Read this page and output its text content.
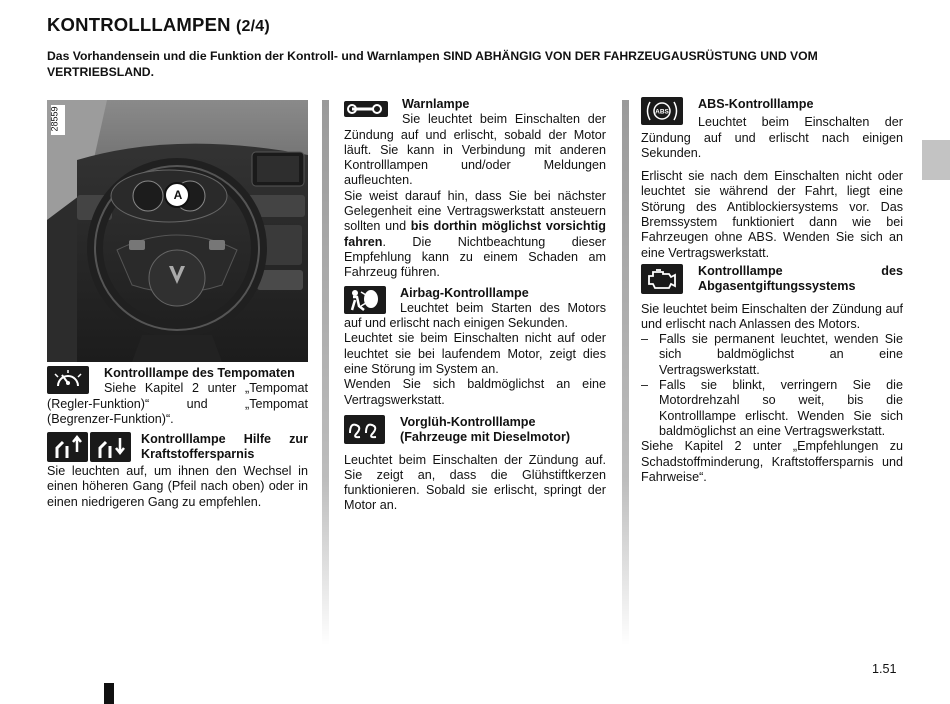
KONTROLLLAMPEN (2/4)
Das Vorhandensein und die Funktion der Kontroll- und Warnlampen SIND ABHÄNGIG VON DER FAHRZEUGAUSRÜSTUNG UND VOM VERTRIEBSLAND.
1.51
A
28559
Kontrolllampe des Tempomaten
Siehe Kapitel 2 unter „Tempomat (Regler-Funktion)“ und „Tempomat (Begrenzer-Funktion)“.
Kontrolllampe Hilfe zur Kraftstoffersparnis
Sie leuchten auf, um ihnen den Wechsel in einen höheren Gang (Pfeil nach oben) oder in einen niedrigeren Gang zu empfehlen.
Warnlampe
Sie leuchtet beim Einschalten der Zündung auf und erlischt, sobald der Motor läuft. Sie kann in Verbindung mit anderen Kontrolllampen und/oder Meldungen aufleuchten.
Sie weist darauf hin, dass Sie bei nächster Gelegenheit eine Vertragswerkstatt ansteuern sollten und bis dorthin möglichst vorsichtig fahren. Die Nichtbeachtung dieser Empfehlung kann zu einem Schaden am Fahrzeug führen.
Airbag-Kontrolllampe
Leuchtet beim Starten des Motors auf und erlischt nach einigen Sekunden.
Leuchtet sie beim Einschalten nicht auf oder leuchtet sie bei laufendem Motor, zeigt dies eine Störung im System an.
Wenden Sie sich baldmöglichst an eine Vertragswerkstatt.
Vorglüh-Kontrolllampe (Fahrzeuge mit Dieselmotor)
Leuchtet beim Einschalten der Zündung auf. Sie zeigt an, dass die Glühstiftkerzen funktionieren. Sobald sie erlischt, springt der Motor an.
ABS
ABS-Kontrolllampe
Leuchtet beim Einschalten der Zündung auf und erlischt nach einigen Sekunden.
Erlischt sie nach dem Einschalten nicht oder leuchtet sie während der Fahrt, liegt eine Störung des Antiblockiersystems vor. Das Bremssystem funktioniert dann wie bei Fahrzeugen ohne ABS. Wenden Sie sich an eine Vertragswerkstatt.
Kontrolllampe des Abgasentgiftungssystems
Sie leuchtet beim Einschalten der Zündung auf und erlischt nach Anlassen des Motors.
– Falls sie permanent leuchtet, wenden Sie sich baldmöglichst an eine Vertragswerkstatt.
– Falls sie blinkt, verringern Sie die Motordrehzahl so weit, bis die Kontrolllampe erlischt. Wenden Sie sich baldmöglichst an eine Vertragswerkstatt.
Siehe Kapitel 2 unter „Empfehlungen zu Schadstoffminderung, Kraftstoffersparnis und Fahrweise“.
